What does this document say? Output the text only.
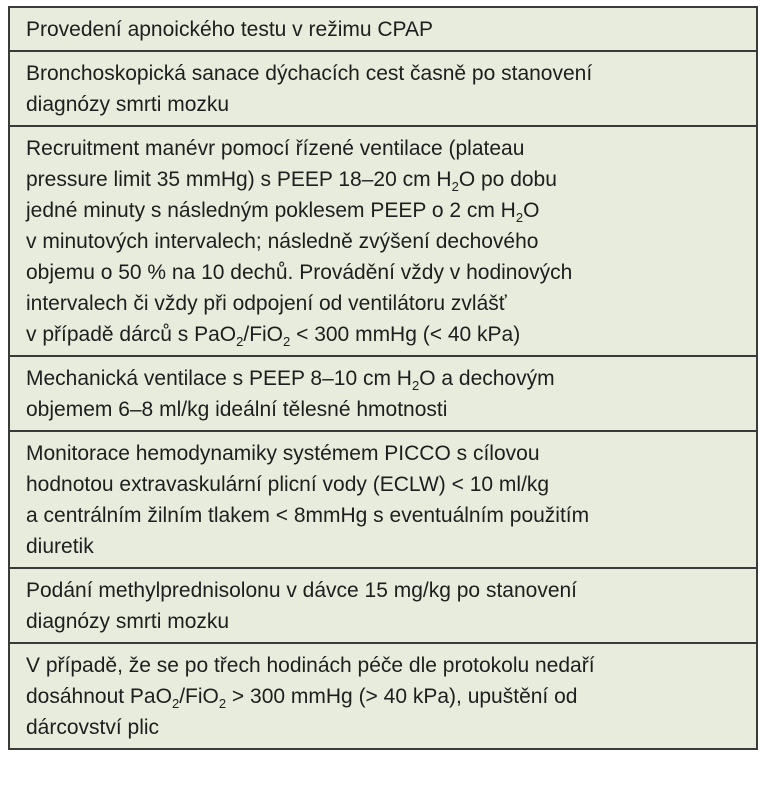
Provedení apnoického testu v režimu CPAP
Bronchoskopická sanace dýchacích cest časně po stanovení
diagnózy smrti mozku
Recruitment manévr pomocí řízené ventilace (plateau
pressure limit 35 mmHg) s PEEP 18–20 cm $H_2O$ po dobu
jedné minuty s následným poklesem PEEP o 2 cm $H_2O$
v minutových intervalech; následně zvýšení dechového
objemu o 50 % na 10 dechů. Provádění vždy v hodinových
intervalech či vždy při odpojení od ventilátoru zvlášť
v případě dárců s PaO$_2$/FiO$_2$ < 300 mmHg (< 40 kPa)
Mechanická ventilace s PEEP 8–10 cm $H_2O$ a dechovým
objemem 6–8 ml/kg ideální tělesné hmotnosti
Monitorace hemodynamiky systémem PICCO s cílovou
hodnotou extravaskulární plicní vody (ECLW) < 10 ml/kg
a centrálním žilním tlakem < 8mmHg s eventuálním použitím
diuretik
Podání methylprednisolonu v dávce 15 mg/kg po stanovení
diagnózy smrti mozku
V případě, že se po třech hodinách péče dle protokolu nedaří
dosáhnout PaO$_2$/FiO$_2$ > 300 mmHg (> 40 kPa), upuštění od
dárcovství plic
